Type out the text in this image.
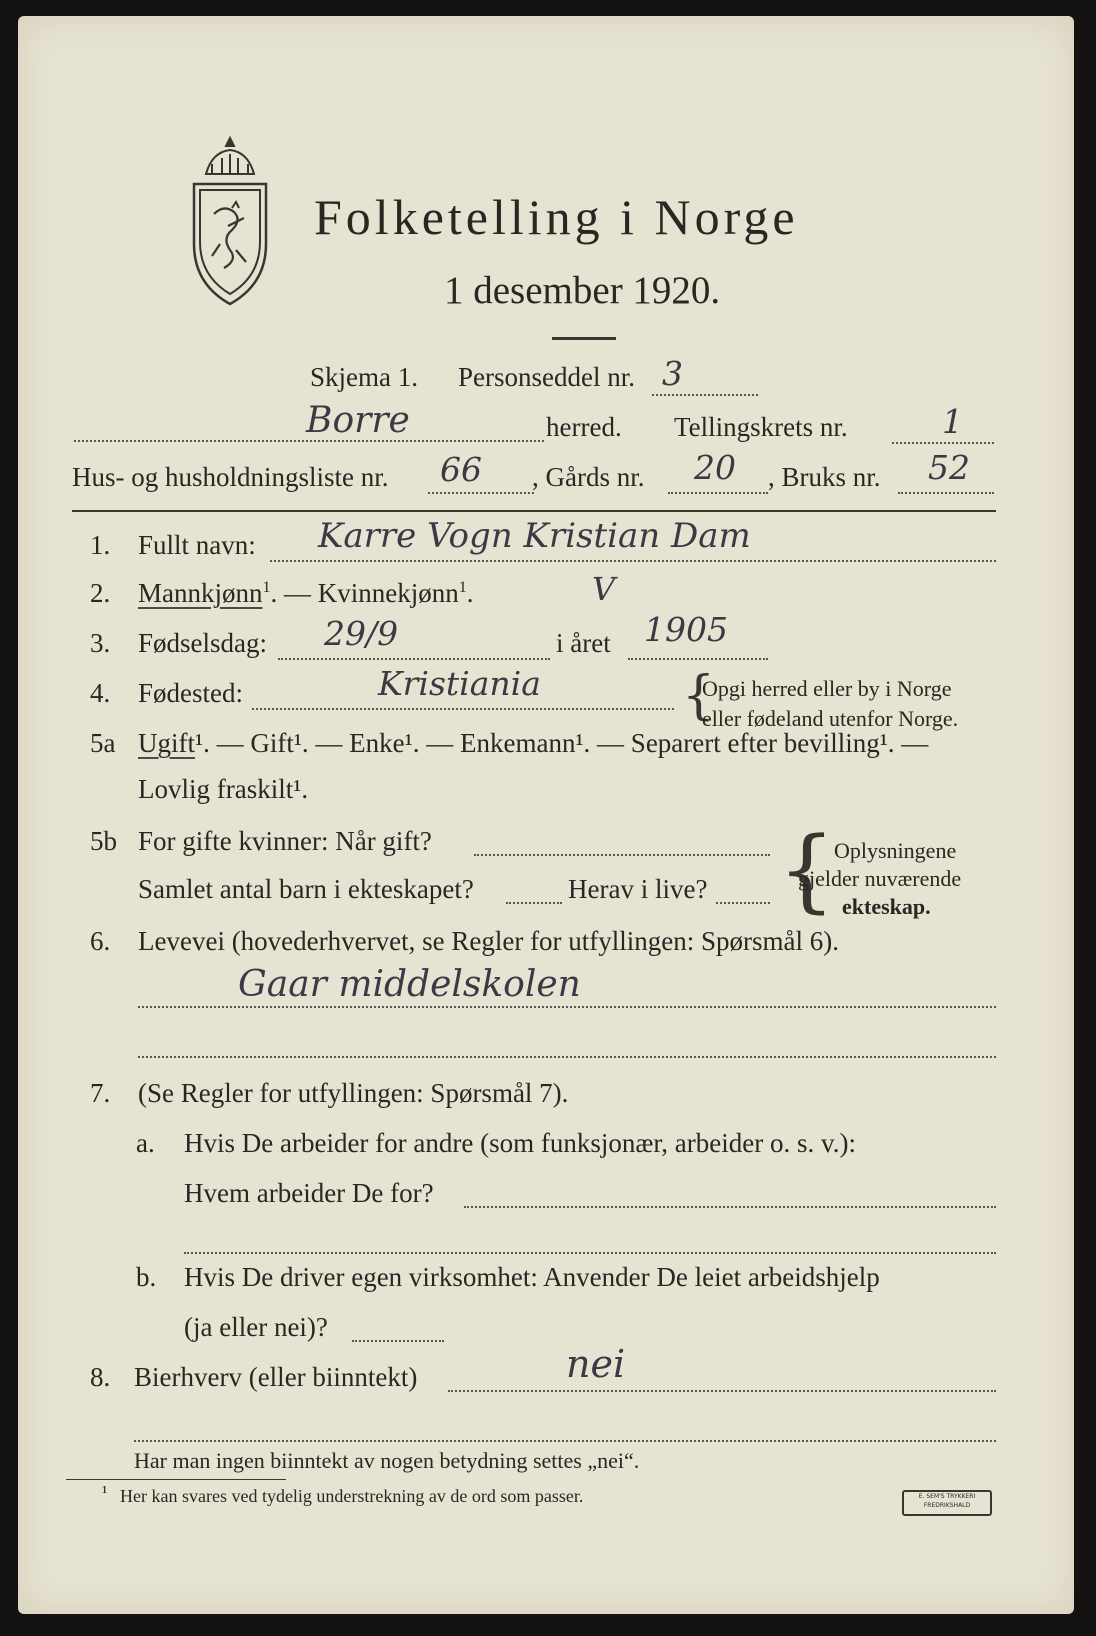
Folketelling i Norge
1 desember 1920.
Skjema 1. Personseddel nr. 3
Borre	herred. Tellingskrets nr.	1
Hus- og husholdningsliste nr. 66 , Gårds nr. 20 , Bruks nr. 52
1. Fullt navn: Karre Vogn Kristian Dam
2. Mannkjønn$^1$. — Kvinnekjønn$^1$.	V
3. Fødselsdag: 29/9	i året 1905
4. Fødested:	Kristiania	{
Opgi herred eller by i Norge
eller fødeland utenfor Norge.
5a Ugift¹. — Gift¹. — Enke¹. — Enkemann¹. — Separert efter bevilling¹. —
Lovlig fraskilt¹.
5b For gifte kvinner: Når gift?
Samlet antal barn i ekteskapet?	Herav i live? {
Oplysningene
gjelder nuværende
ekteskap.
6. Levevei (hovederhvervet, se Regler for utfyllingen: Spørsmål 6).
Gaar middelskolen
7. (Se Regler for utfyllingen: Spørsmål 7).
a. Hvis De arbeider for andre (som funksjonær, arbeider o. s. v.):
Hvem arbeider De for?
b. Hvis De driver egen virksomhet: Anvender De leiet arbeidshjelp
(ja eller nei)?
8. Bierhverv (eller biinntekt)	nei
Har man ingen biinntekt av nogen betydning settes „nei“.
¹ Her kan svares ved tydelig understrekning av de ord som passer.	E. SEM'S TRYKKERI FREDRIKSHALD
